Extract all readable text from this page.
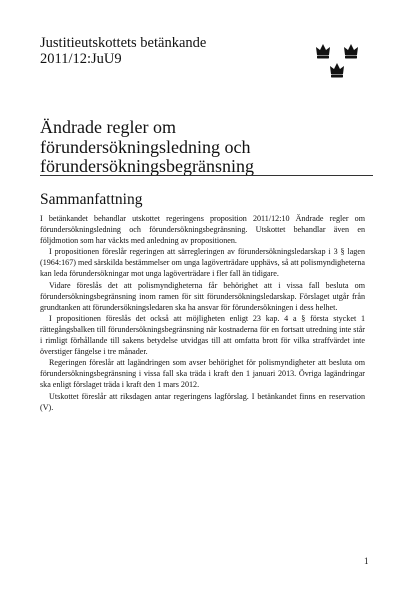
Justitieutskottets betänkande
2011/12:JuU9
Ändrade regler om
förundersökningsledning och
förundersökningsbegränsning
Sammanfattning

I betänkandet behandlar utskottet regeringens proposition 2011/12:10 Ändrade regler om förundersökningsledning och förundersökningsbegränsning. Utskottet behandlar även en följdmotion som har väckts med anledning av propositionen.

I propositionen föreslår regeringen att särregleringen av förundersökningsledarskap i 3 § lagen (1964:167) med särskilda bestämmelser om unga lagöverträdare upphävs, så att polismyndigheterna kan leda förundersökningar mot unga lagöverträdare i fler fall än tidigare.

Vidare föreslås det att polismyndigheterna får behörighet att i vissa fall besluta om förundersökningsbegränsning inom ramen för sitt förundersökningsledarskap. Förslaget utgår från grundtanken att förundersökningsledaren ska ha ansvar för förundersökningen i dess helhet.

I propositionen föreslås det också att möjligheten enligt 23 kap. 4 a § första stycket 1 rättegångsbalken till förundersökningsbegränsning när kostnaderna för en fortsatt utredning inte står i rimligt förhållande till sakens betydelse utvidgas till att omfatta brott för vilka straffvärdet inte överstiger fängelse i tre månader.

Regeringen föreslår att lagändringen som avser behörighet för polismyndigheter att besluta om förundersökningsbegränsning i vissa fall ska träda i kraft den 1 januari 2013. Övriga lagändringar ska enligt förslaget träda i kraft den 1 mars 2012.

Utskottet föreslår att riksdagen antar regeringens lagförslag. I betänkandet finns en reservation (V).

1
